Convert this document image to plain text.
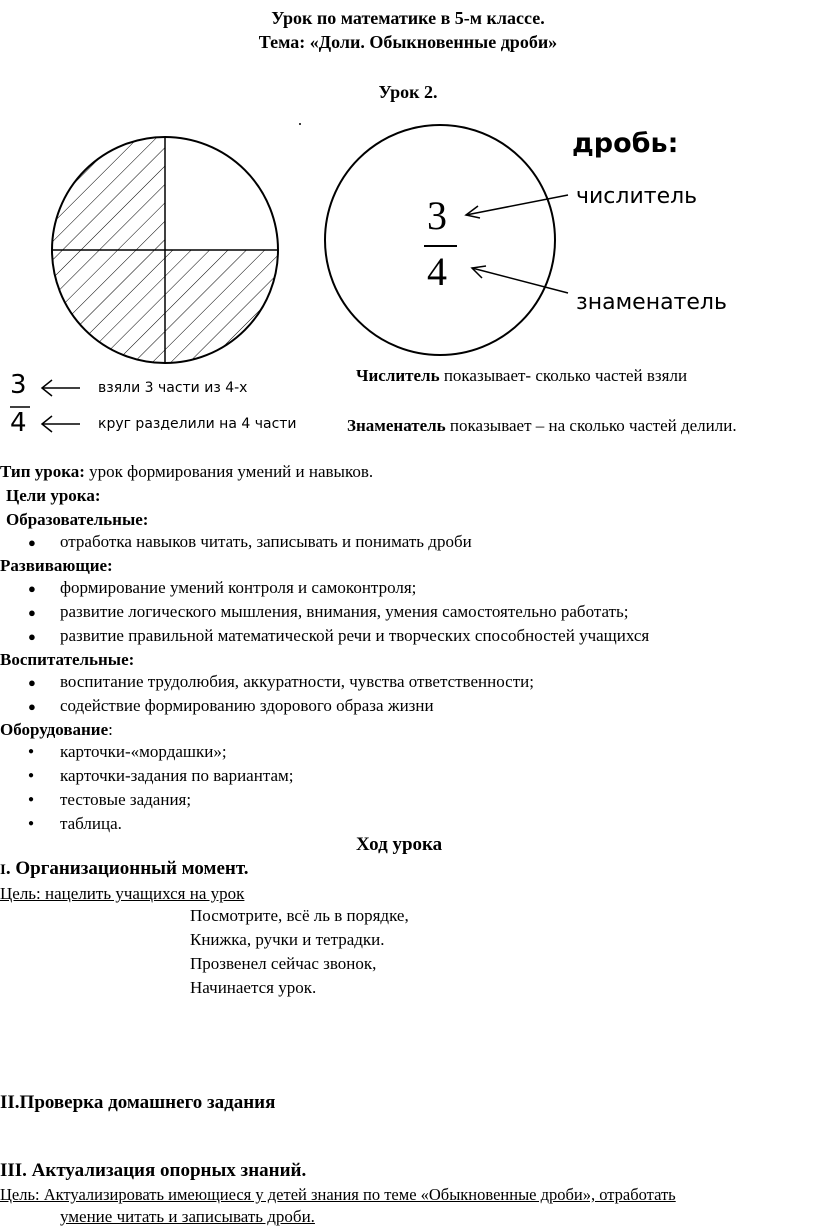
Урок по математике в 5-м классе.
Тема: «Доли. Обыкновенные дроби»
Урок 2.
дробь:
3
4
числитель
знаменатель
3
4
взяли 3 части из 4-х
круг разделили на 4 части
Числитель показывает- сколько частей взяли
Знаменатель показывает – на сколько частей делили.
Тип урока: урок формирования умений и навыков.
Цели урока:
Образовательные:
● отработка навыков читать, записывать и понимать дроби
Развивающие:
● формирование умений контроля и самоконтроля;
● развитие логического мышления, внимания, умения самостоятельно работать;
● развитие правильной математической речи и творческих способностей учащихся
Воспитательные:
● воспитание трудолюбия, аккуратности, чувства ответственности;
● содействие формированию здорового образа жизни
Оборудование:
● карточки-«мордашки»;
● карточки-задания по вариантам;
● тестовые задания;
● таблица.
Ход урока
I. Организационный момент.
Цель: нацелить учащихся на урок
Посмотрите, всё ль в порядке,
Книжка, ручки и тетрадки.
Прозвенел сейчас звонок,
Начинается урок.
II.Проверка домашнего задания
III. Актуализация опорных знаний.
Цель: Актуализировать имеющиеся у детей знания по теме «Обыкновенные дроби», отработать
умение читать и записывать дроби.
